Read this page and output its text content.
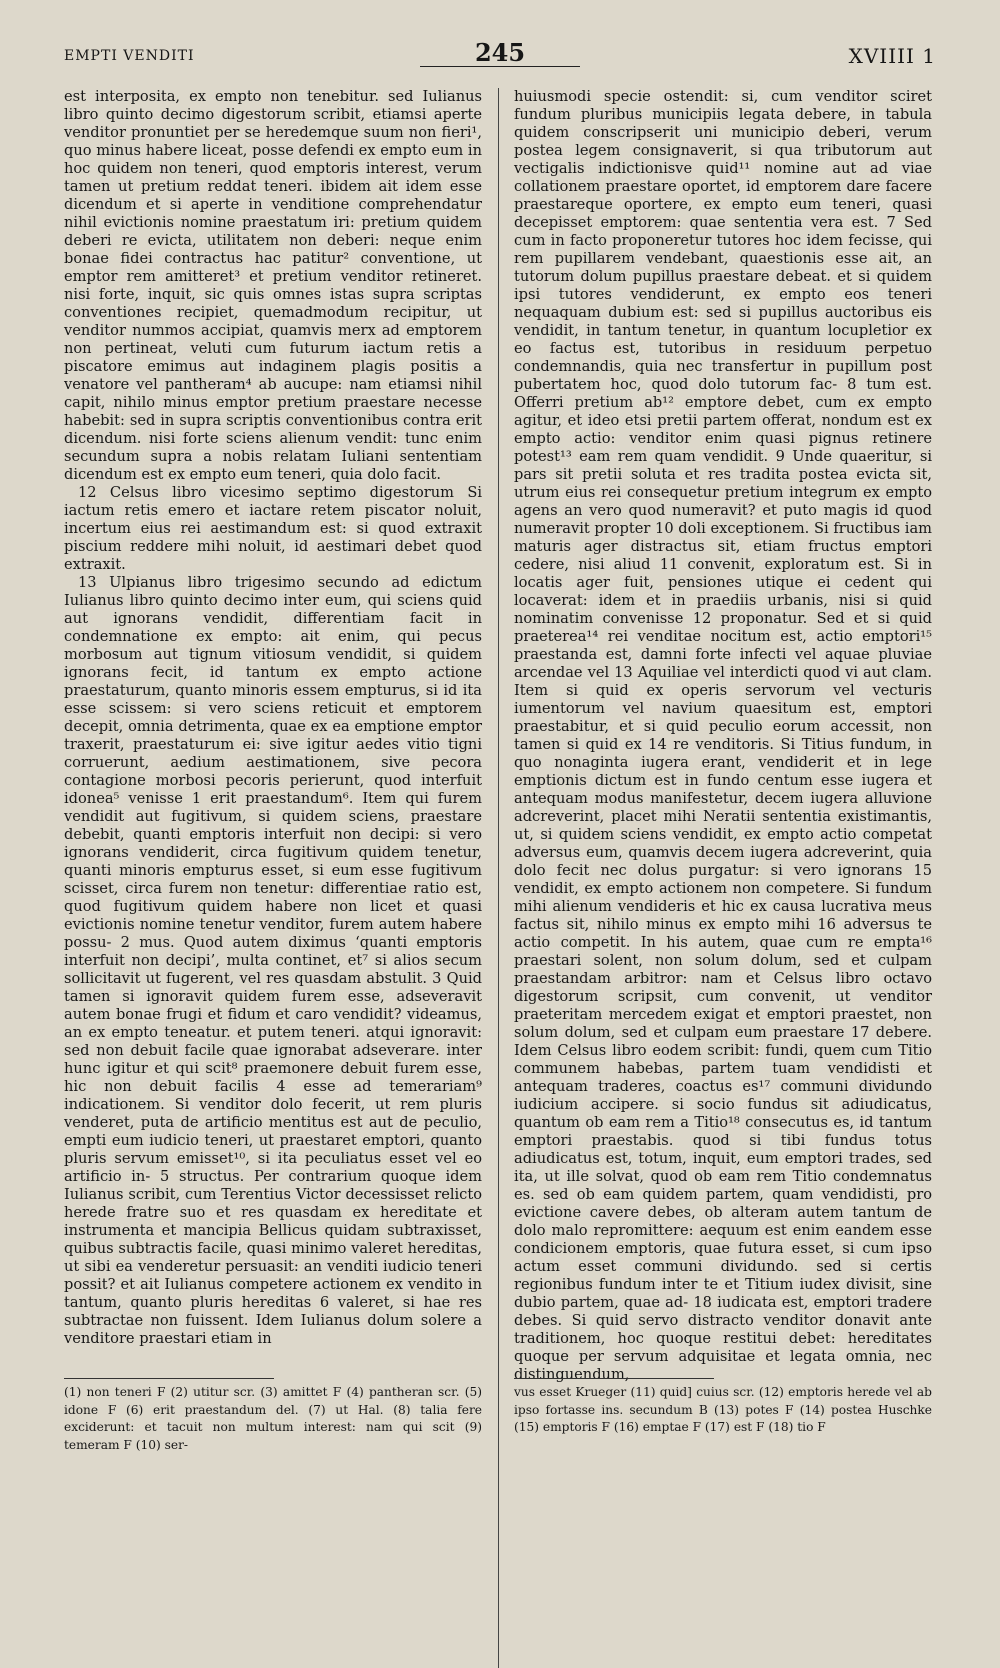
EMPTI VENDITI	245	XVIIII 1

est interposita, ex empto non tenebitur. sed Iulianus libro quinto decimo digestorum scribit, etiamsi aperte venditor pronuntiet per se heredemque suum non fieri¹, quo minus habere liceat, posse defendi ex empto eum in hoc quidem non teneri, quod emptoris interest, verum tamen ut pretium reddat teneri. ibidem ait idem esse dicendum et si aperte in venditione comprehendatur nihil evictionis nomine praestatum iri: pretium quidem deberi re evicta, utilitatem non deberi: neque enim bonae fidei contractus hac patitur² conventione, ut emptor rem amitteret³ et pretium venditor retineret. nisi forte, inquit, sic quis omnes istas supra scriptas conventiones recipiet, quemadmodum recipitur, ut venditor nummos accipiat, quamvis merx ad emptorem non pertineat, veluti cum futurum iactum retis a piscatore emimus aut indaginem plagis positis a venatore vel pantheram⁴ ab aucupe: nam etiamsi nihil capit, nihilo minus emptor pretium praestare necesse habebit: sed in supra scriptis conventionibus contra erit dicendum. nisi forte sciens alienum vendit: tunc enim secundum supra a nobis relatam Iuliani sententiam dicendum est ex empto eum teneri, quia dolo facit.

12 Celsus libro vicesimo septimo digestorum Si iactum retis emero et iactare retem piscator noluit, incertum eius rei aestimandum est: si quod extraxit piscium reddere mihi noluit, id aestimari debet quod extraxit.

13 Ulpianus libro trigesimo secundo ad edictum Iulianus libro quinto decimo inter eum, qui sciens quid aut ignorans vendidit, differentiam facit in condemnatione ex empto: ait enim, qui pecus morbosum aut tignum vitiosum vendidit, si quidem ignorans fecit, id tantum ex empto actione praestaturum, quanto minoris essem empturus, si id ita esse scissem: si vero sciens reticuit et emptorem decepit, omnia detrimenta, quae ex ea emptione emptor traxerit, praestaturum ei: sive igitur aedes vitio tigni corruerunt, aedium aestimationem, sive pecora contagione morbosi pecoris perierunt, quod interfuit idonea⁵ venisse 1 erit praestandum⁶. Item qui furem vendidit aut fugitivum, si quidem sciens, praestare debebit, quanti emptoris interfuit non decipi: si vero ignorans vendiderit, circa fugitivum quidem tenetur, quanti minoris empturus esset, si eum esse fugitivum scisset, circa furem non tenetur: differentiae ratio est, quod fugitivum quidem habere non licet et quasi evictionis nomine tenetur venditor, furem autem habere possu- 2 mus. Quod autem diximus ‘quanti emptoris interfuit non decipi’, multa continet, et⁷ si alios secum sollicitavit ut fugerent, vel res quasdam abstulit. 3 Quid tamen si ignoravit quidem furem esse, adseveravit autem bonae frugi et fidum et caro vendidit? videamus, an ex empto teneatur. et putem teneri. atqui ignoravit: sed non debuit facile quae ignorabat adseverare. inter hunc igitur et qui scit⁸ praemonere debuit furem esse, hic non debuit facilis 4 esse ad temerariam⁹ indicationem. Si venditor dolo fecerit, ut rem pluris venderet, puta de artificio mentitus est aut de peculio, empti eum iudicio teneri, ut praestaret emptori, quanto pluris servum emisset¹⁰, si ita peculiatus esset vel eo artificio in- 5 structus. Per contrarium quoque idem Iulianus scribit, cum Terentius Victor decessisset relicto herede fratre suo et res quasdam ex hereditate et instrumenta et mancipia Bellicus quidam subtraxisset, quibus subtractis facile, quasi minimo valeret hereditas, ut sibi ea venderetur persuasit: an venditi iudicio teneri possit? et ait Iulianus competere actionem ex vendito in tantum, quanto pluris hereditas 6 valeret, si hae res subtractae non fuissent. Idem Iulianus dolum solere a venditore praestari etiam in

huiusmodi specie ostendit: si, cum venditor sciret fundum pluribus municipiis legata debere, in tabula quidem conscripserit uni municipio deberi, verum postea legem consignaverit, si qua tributorum aut vectigalis indictionisve quid¹¹ nomine aut ad viae collationem praestare oportet, id emptorem dare facere praestareque oportere, ex empto eum teneri, quasi decepisset emptorem: quae sententia vera est. 7 Sed cum in facto proponeretur tutores hoc idem fecisse, qui rem pupillarem vendebant, quaestionis esse ait, an tutorum dolum pupillus praestare debeat. et si quidem ipsi tutores vendiderunt, ex empto eos teneri nequaquam dubium est: sed si pupillus auctoribus eis vendidit, in tantum tenetur, in quantum locupletior ex eo factus est, tutoribus in residuum perpetuo condemnandis, quia nec transfertur in pupillum post pubertatem hoc, quod dolo tutorum fac- 8 tum est. Offerri pretium ab¹² emptore debet, cum ex empto agitur, et ideo etsi pretii partem offerat, nondum est ex empto actio: venditor enim quasi pignus retinere potest¹³ eam rem quam vendidit. 9 Unde quaeritur, si pars sit pretii soluta et res tradita postea evicta sit, utrum eius rei consequetur pretium integrum ex empto agens an vero quod numeravit? et puto magis id quod numeravit propter 10 doli exceptionem. Si fructibus iam maturis ager distractus sit, etiam fructus emptori cedere, nisi aliud 11 convenit, exploratum est. Si in locatis ager fuit, pensiones utique ei cedent qui locaverat: idem et in praediis urbanis, nisi si quid nominatim convenisse 12 proponatur. Sed et si quid praeterea¹⁴ rei venditae nocitum est, actio emptori¹⁵ praestanda est, damni forte infecti vel aquae pluviae arcendae vel 13 Aquiliae vel interdicti quod vi aut clam. Item si quid ex operis servorum vel vecturis iumentorum vel navium quaesitum est, emptori praestabitur, et si quid peculio eorum accessit, non tamen si quid ex 14 re venditoris. Si Titius fundum, in quo nonaginta iugera erant, vendiderit et in lege emptionis dictum est in fundo centum esse iugera et antequam modus manifestetur, decem iugera alluvione adcreverint, placet mihi Neratii sententia existimantis, ut, si quidem sciens vendidit, ex empto actio competat adversus eum, quamvis decem iugera adcreverint, quia dolo fecit nec dolus purgatur: si vero ignorans 15 vendidit, ex empto actionem non competere. Si fundum mihi alienum vendideris et hic ex causa lucrativa meus factus sit, nihilo minus ex empto mihi 16 adversus te actio competit. In his autem, quae cum re empta¹⁶ praestari solent, non solum dolum, sed et culpam praestandam arbitror: nam et Celsus libro octavo digestorum scripsit, cum convenit, ut venditor praeteritam mercedem exigat et emptori praestet, non solum dolum, sed et culpam eum praestare 17 debere. Idem Celsus libro eodem scribit: fundi, quem cum Titio communem habebas, partem tuam vendidisti et antequam traderes, coactus es¹⁷ communi dividundo iudicium accipere. si socio fundus sit adiudicatus, quantum ob eam rem a Titio¹⁸ consecutus es, id tantum emptori praestabis. quod si tibi fundus totus adiudicatus est, totum, inquit, eum emptori trades, sed ita, ut ille solvat, quod ob eam rem Titio condemnatus es. sed ob eam quidem partem, quam vendidisti, pro evictione cavere debes, ob alteram autem tantum de dolo malo repromittere: aequum est enim eandem esse condicionem emptoris, quae futura esset, si cum ipso actum esset communi dividundo. sed si certis regionibus fundum inter te et Titium iudex divisit, sine dubio partem, quae ad- 18 iudicata est, emptori tradere debes. Si quid servo distracto venditor donavit ante traditionem, hoc quoque restitui debet: hereditates quoque per servum adquisitae et legata omnia, nec distinguendum,

(1) non teneri F (2) utitur scr. (3) amittet F (4) pantheran scr. (5) idone F (6) erit praestandum del. (7) ut Hal. (8) talia fere exciderunt: et tacuit non multum interest: nam qui scit (9) temeram F (10) ser-
vus esset Krueger (11) quid] cuius scr. (12) emptoris herede vel ab ipso fortasse ins. secundum B (13) potes F (14) postea Huschke (15) emptoris F (16) emptae F (17) est F (18) tio F
